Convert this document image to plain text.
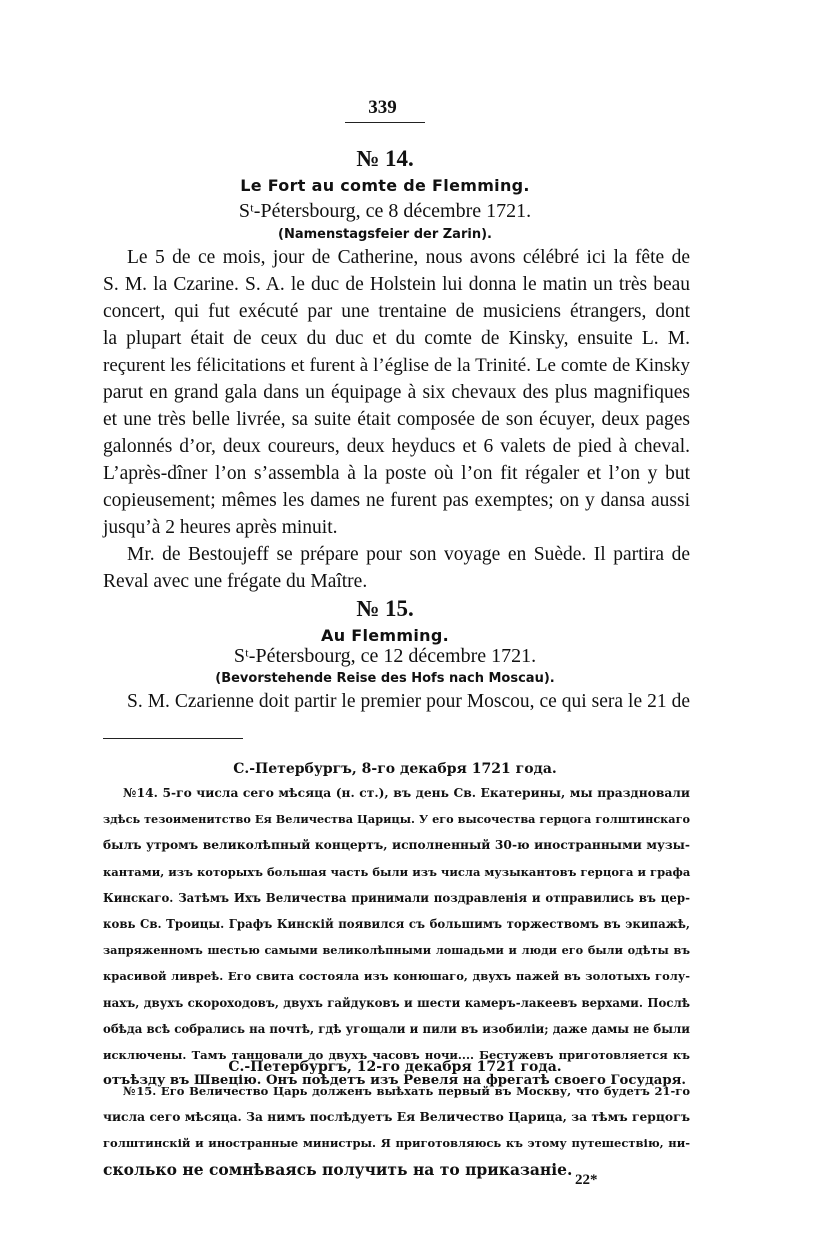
339
№ 14.
Le Fort au comte de Flemming.
Sᵗ-Pétersbourg, ce 8 décembre 1721.
(Namenstagsfeier der Zarin).
Le 5 de ce mois, jour de Catherine, nous avons célébré ici la fête de
S. M. la Czarine. S. A. le duc de Holstein lui donna le matin un très beau
concert, qui fut exécuté par une trentaine de musiciens étrangers, dont
la plupart était de ceux du duc et du comte de Kinsky, ensuite L. M.
reçurent les félicitations et furent à l’église de la Trinité. Le comte de Kinsky
parut en grand gala dans un équipage à six chevaux des plus magnifiques
et une très belle livrée, sa suite était composée de son écuyer, deux pages
galonnés d’or, deux coureurs, deux heyducs et 6 valets de pied à cheval.
L’après-dîner l’on s’assembla à la poste où l’on fit régaler et l’on y but
copieusement; mêmes les dames ne furent pas exemptes; on y dansa aussi
jusqu’à 2 heures après minuit.
Mr. de Bestoujeff se prépare pour son voyage en Suède. Il partira de
Reval avec une frégate du Maître.
№ 15.
Au Flemming.
Sᵗ-Pétersbourg, ce 12 décembre 1721.
(Bevorstehende Reise des Hofs nach Moscau).
S. M. Czarienne doit partir le premier pour Moscou, ce qui sera le 21 de
С.-Петербургъ, 8-го декабря 1721 года.
№14. 5-го числа сего мѣсяца (н. ст.), въ день Св. Екатерины, мы праздновали
здѣсь тезоименитство Ея Величества Царицы. У его высочества герцога голштинскаго
былъ утромъ великолѣпный концертъ, исполненный 30-ю иностранными музы-
кантами, изъ которыхъ большая часть были изъ числа музыкантовъ герцога и графа
Кинскаго. Затѣмъ Ихъ Величества принимали поздравленія и отправились въ цер-
ковь Св. Троицы. Графъ Кинскій появился съ большимъ торжествомъ въ экипажѣ,
запряженномъ шестью самыми великолѣпными лошадьми и люди его были одѣты въ
красивой ливреѣ. Его свита состояла изъ конюшаго, двухъ пажей въ золотыхъ голу-
нахъ, двухъ скороходовъ, двухъ гайдуковъ и шести камеръ-лакеевъ верхами. Послѣ
обѣда всѣ собрались на почтѣ, гдѣ угощали и пили въ изобиліи; даже дамы не были
исключены. Тамъ танцовали до двухъ часовъ ночи.... Бестужевъ приготовляется къ
отъѣзду въ Швецію. Онъ поѣдетъ изъ Ревеля на фрегатѣ своего Государя.
С.-Петербургъ, 12-го декабря 1721 года.
№15. Его Величество Царь долженъ выѣхать первый въ Москву, что будетъ 21-го
числа сего мѣсяца. За нимъ послѣдуетъ Ея Величество Царица, за тѣмъ герцогъ
голштинскій и иностранные министры. Я приготовляюсь къ этому путешествію, ни-
сколько не сомнѣваясь получить на то приказаніе.
22*
